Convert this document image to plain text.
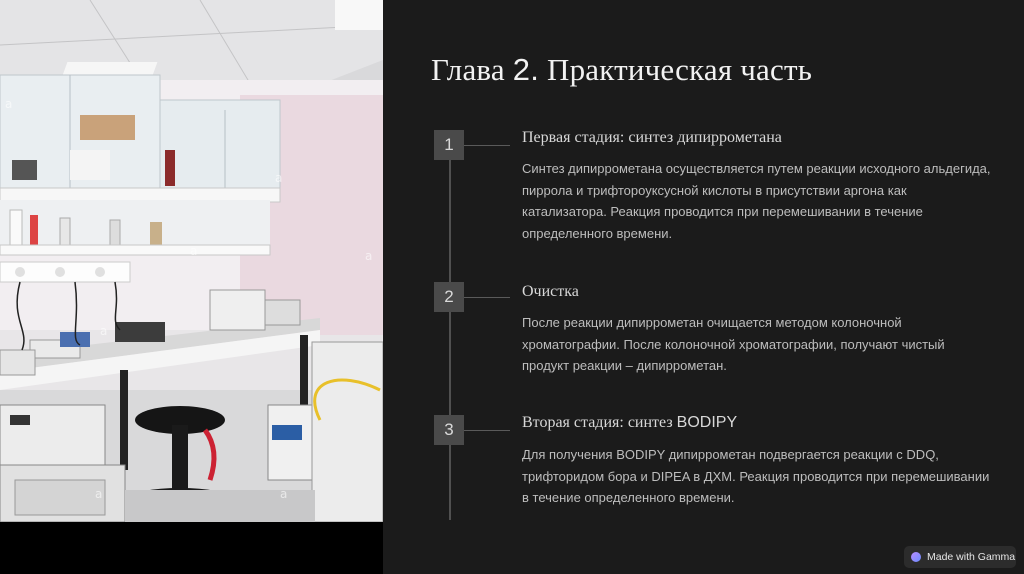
a
a
a
a
a
a	a
Глава 2. Практическая часть
1	Первая стадия: синтез дипиррометана
Синтез дипиррометана осуществляется путем реакции исходного альдегида, пиррола и трифтороуксусной кислоты в присутствии аргона как катализатора. Реакция проводится при перемешивании в течение определенного времени.
2	Очистка
После реакции дипиррометан очищается методом колоночной хроматографии. После колоночной хроматографии, получают чистый продукт реакции – дипиррометан.
3	Вторая стадия: синтез BODIPY
Для получения BODIPY дипиррометан подвергается реакции с DDQ, трифторидом бора и DIPEA в ДХМ. Реакция проводится при перемешивании в течение определенного времени.
Made with Gamma
